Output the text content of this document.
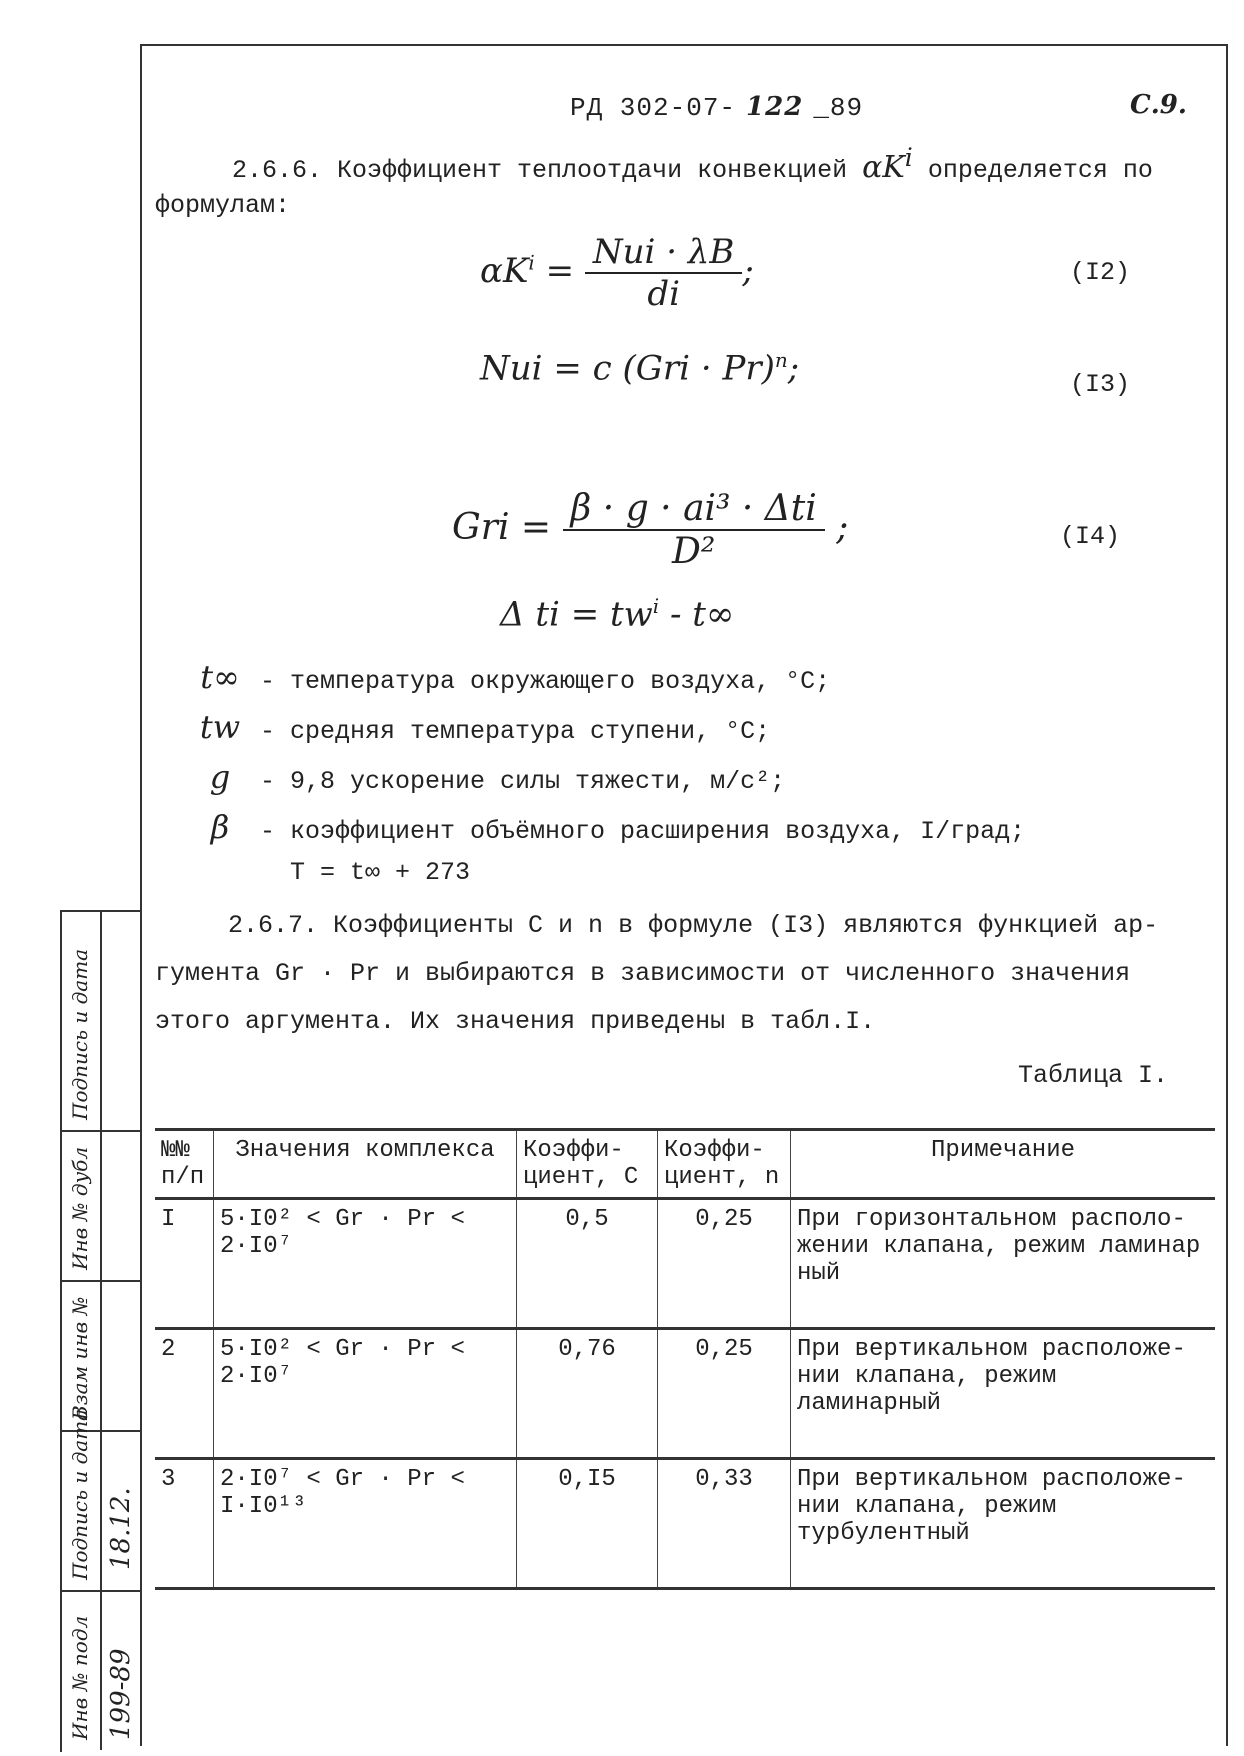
РД 302-07- 122 _89	С.9.
2.6.6. Коэффициент теплоотдачи конвекцией $\alpha K^i$ определяется по
формулам:
$\alpha K^i = \frac{\text{Nui · λB}}{di}$ ;	(I2)
Nui = c (Gri · Pr)$^n$;	(I3)
Gri = $\frac{\text{β · g · ai³ · Δti}}{\text{D²}}$ ;	(I4)
Δ ti = $tw^i - t\infty$
t∞ - температура окружающего воздуха, °С;
tw - средняя температура ступени, °С;
g - 9,8 ускорение силы тяжести, м/с²;
β - коэффициент объёмного расширения воздуха, I/град;
Т = t∞ + 273
2.6.7. Коэффициенты C и n в формуле (I3) являются функцией ар-
гумента Gr · Pr и выбираются в зависимости от численного значения
этого аргумента. Их значения приведены в табл.I.
Таблица I.
№№ п/п	Значения комплекса	Коэффи- циент, C	Коэффи- циент, n	Примечание
I	5·I0² < Gr · Pr < 2·I0⁷	0,5	0,25	При горизонтальном располо- жении клапана, режим ламинар ный
2	5·I0² < Gr · Pr < 2·I0⁷	0,76	0,25	При вертикальном расположе- нии клапана, режим ламинарный
3	2·I0⁷ < Gr · Pr < I·I0¹³	0,I5	0,33	При вертикальном расположе- нии клапана, режим турбулентный
Подпись и дата
Инв № дубл
Взам инв №
Подпись и дата 18.12.
Инв № подл 199-89
